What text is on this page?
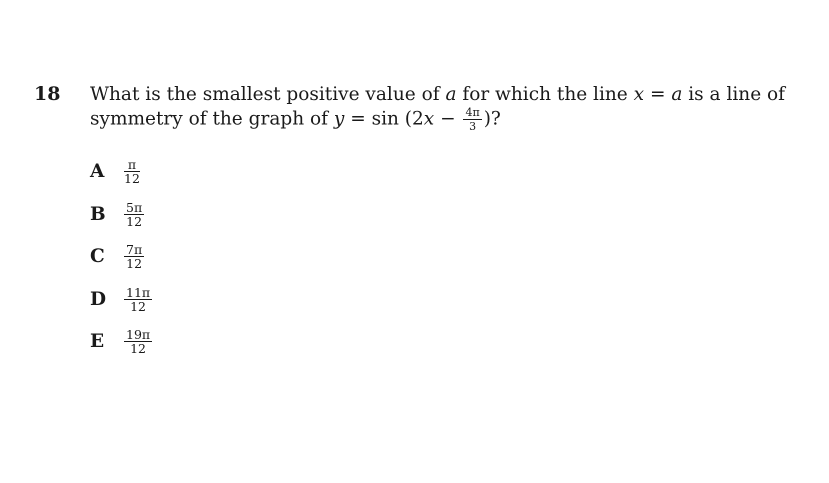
18 What is the smallest positive value of a for which the line x = a is a line of symmetry of the graph of $y = \sin (2x - \frac{4\pi}{3}$ )?
A $\frac{\pi}{12}$
B $\frac{5\pi}{12}$
C $\frac{7\pi}{12}$
D $\frac{11\pi}{12}$
E $\frac{19\pi}{12}$
